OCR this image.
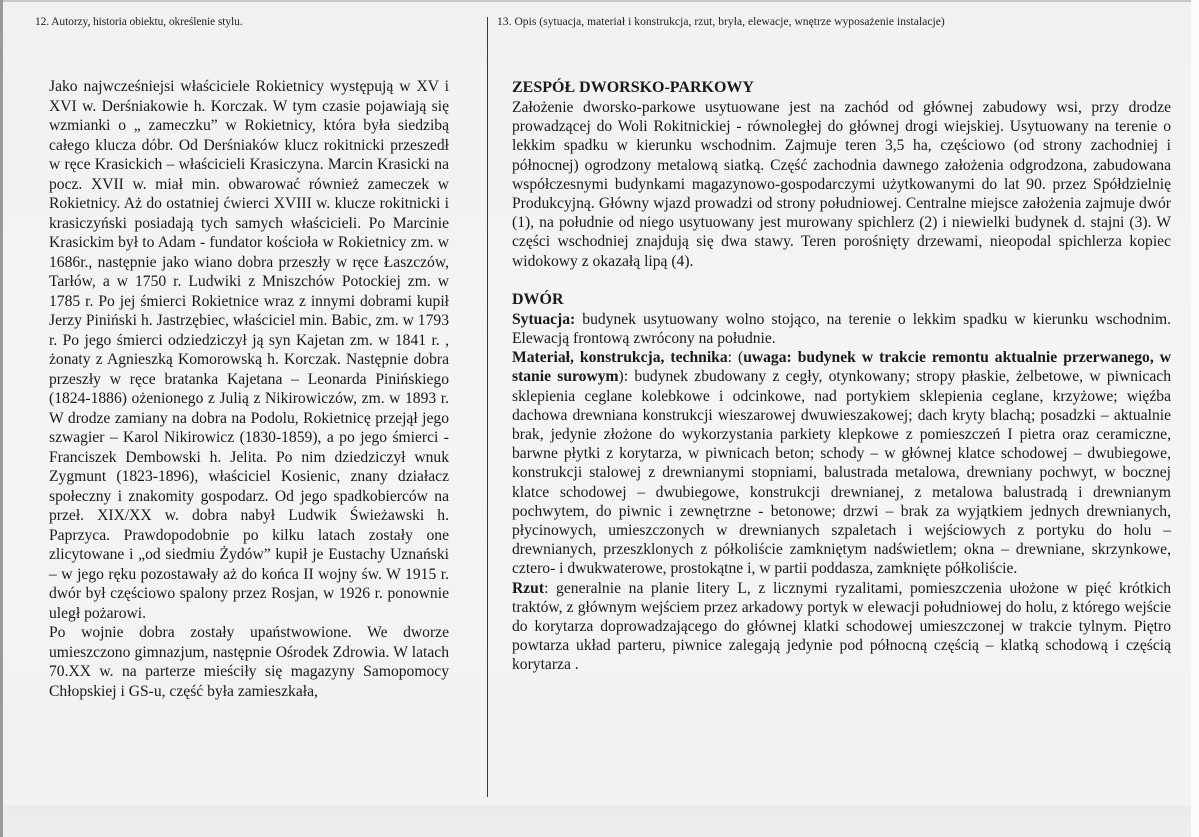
12. Autorzy, historia obiektu, określenie stylu.	13. Opis (sytuacja, materiał i konstrukcja, rzut, bryła, elewacje, wnętrze wyposażenie instalacje)

Jako najwcześniejsi właściciele Rokietnicy występują w XV i XVI w. Derśniakowie h. Korczak. W tym czasie pojawiają się wzmianki o „ zameczku” w Rokietnicy, która była siedzibą całego klucza dóbr. Od Derśniaków klucz rokitnicki przeszedł w ręce Krasickich – właścicieli Krasiczyna. Marcin Krasicki na pocz. XVII w. miał min. obwarować również zameczek w Rokietnicy. Aż do ostatniej ćwierci XVIII w. klucze rokitnicki i krasiczyński posiadają tych samych właścicieli. Po Marcinie Krasickim był to Adam - fundator kościoła w Rokietnicy zm. w 1686r., następnie jako wiano dobra przeszły w ręce Łaszczów, Tarłów, a w 1750 r. Ludwiki z Mniszchów Potockiej zm. w 1785 r. Po jej śmierci Rokietnice wraz z innymi dobrami kupił Jerzy Piniński h. Jastrzębiec, właściciel min. Babic, zm. w 1793 r. Po jego śmierci odziedziczył ją syn Kajetan zm. w 1841 r. , żonaty z Agnieszką Komorowską h. Korczak. Następnie dobra przeszły w ręce bratanka Kajetana – Leonarda Pinińskiego (1824-1886) ożenionego z Julią z Nikirowiczów, zm. w 1893 r. W drodze zamiany na dobra na Podolu, Rokietnicę przejął jego szwagier – Karol Nikirowicz (1830-1859), a po jego śmierci - Franciszek Dembowski h. Jelita. Po nim dziedziczył wnuk Zygmunt (1823-1896), właściciel Kosienic, znany działacz społeczny i znakomity gospodarz. Od jego spadkobierców na przeł. XIX/XX w. dobra nabył Ludwik Świeżawski h. Paprzyca. Prawdopodobnie po kilku latach zostały one zlicytowane i „od siedmiu Żydów” kupił je Eustachy Uznański – w jego ręku pozostawały aż do końca II wojny św. W 1915 r. dwór był częściowo spalony przez Rosjan, w 1926 r. ponownie uległ pożarowi.

Po wojnie dobra zostały upaństwowione. We dworze umieszczono gimnazjum, następnie Ośrodek Zdrowia. W latach 70.XX w. na parterze mieściły się magazyny Samopomocy Chłopskiej i GS-u, część była zamieszkała,

ZESPÓŁ DWORSKO-PARKOWY

Założenie dworsko-parkowe usytuowane jest na zachód od głównej zabudowy wsi, przy drodze prowadzącej do Woli Rokitnickiej - równoległej do głównej drogi wiejskiej. Usytuowany na terenie o lekkim spadku w kierunku wschodnim. Zajmuje teren 3,5 ha, częściowo (od strony zachodniej i północnej) ogrodzony metalową siatką. Część zachodnia dawnego założenia odgrodzona, zabudowana współczesnymi budynkami magazynowo-gospodarczymi użytkowanymi do lat 90. przez Spółdzielnię Produkcyjną. Główny wjazd prowadzi od strony południowej. Centralne miejsce założenia zajmuje dwór (1), na południe od niego usytuowany jest murowany spichlerz (2) i niewielki budynek d. stajni (3). W części wschodniej znajdują się dwa stawy. Teren porośnięty drzewami, nieopodal spichlerza kopiec widokowy z okazałą lipą (4).

DWÓR

Sytuacja: budynek usytuowany wolno stojąco, na terenie o lekkim spadku w kierunku wschodnim. Elewacją frontową zwrócony na południe.

Materiał, konstrukcja, technika: (uwaga: budynek w trakcie remontu aktualnie przerwanego, w stanie surowym): budynek zbudowany z cegły, otynkowany; stropy płaskie, żelbetowe, w piwnicach sklepienia ceglane kolebkowe i odcinkowe, nad portykiem sklepienia ceglane, krzyżowe; więźba dachowa drewniana konstrukcji wieszarowej dwuwieszakowej; dach kryty blachą; posadzki – aktualnie brak, jedynie złożone do wykorzystania parkiety klepkowe z pomieszczeń I pietra oraz ceramiczne, barwne płytki z korytarza, w piwnicach beton; schody – w głównej klatce schodowej – dwubiegowe, konstrukcji stalowej z drewnianymi stopniami, balustrada metalowa, drewniany pochwyt, w bocznej klatce schodowej – dwubiegowe, konstrukcji drewnianej, z metalowa balustradą i drewnianym pochwytem, do piwnic i zewnętrzne - betonowe; drzwi – brak za wyjątkiem jednych drewnianych, płycinowych, umieszczonych w drewnianych szpaletach i wejściowych z portyku do holu – drewnianych, przeszklonych z półkoliście zamkniętym nadświetlem; okna – drewniane, skrzynkowe, cztero- i dwukwaterowe, prostokątne i, w partii poddasza, zamknięte półkoliście.

Rzut: generalnie na planie litery L, z licznymi ryzalitami, pomieszczenia ułożone w pięć krótkich traktów, z głównym wejściem przez arkadowy portyk w elewacji południowej do holu, z którego wejście do korytarza doprowadzającego do głównej klatki schodowej umieszczonej w trakcie tylnym. Piętro powtarza układ parteru, piwnice zalegają jedynie pod północną częścią – klatką schodową i częścią korytarza .
